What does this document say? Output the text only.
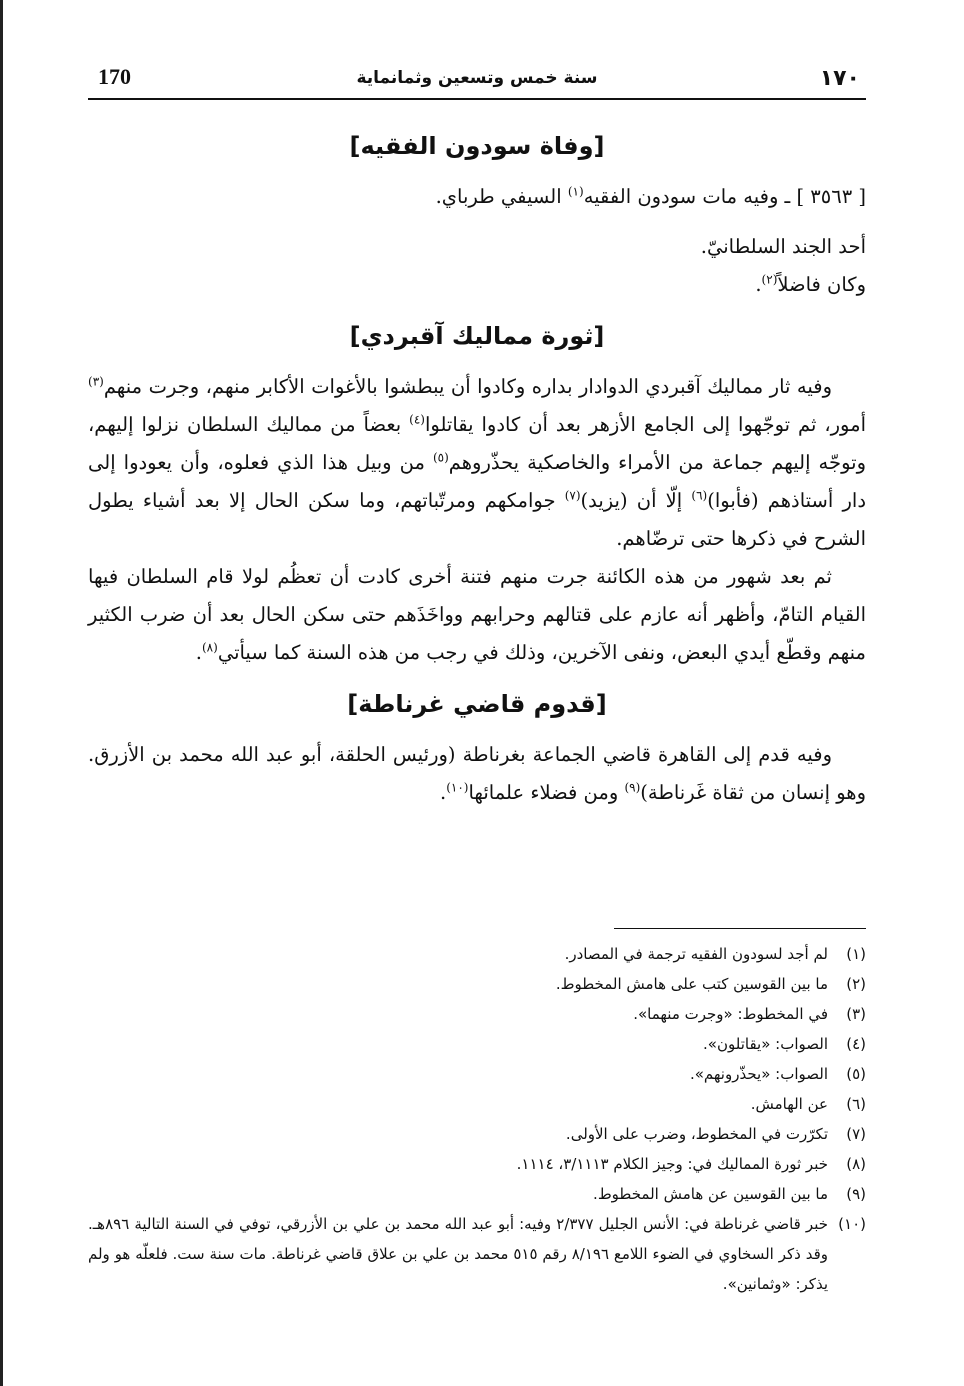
170	سنة خمس وتسعين وثمانماية	١٧٠
[وفاة سودون الفقيه]

[ ٣٥٦٣ ] ـ وفيه مات سودون الفقيه$^{(١)}$ السيفي طرباي.

أحد الجند السلطانيّ.

وكان فاضلاً$^{(٢)}$.

[ثورة مماليك آقبردي]

وفيه ثار مماليك آقبردي الدوادار بداره وكادوا أن يبطشوا بالأغوات الأكابر منهم، وجرت منهم$^{(٣)}$ أمور، ثم توجّهوا إلى الجامع الأزهر بعد أن كادوا يقاتلوا$^{(٤)}$ بعضاً من مماليك السلطان نزلوا إليهم، وتوجّه إليهم جماعة من الأمراء والخاصكية يحذّروهم$^{(٥)}$ من وبيل هذا الذي فعلوه، وأن يعودوا إلى دار أستاذهم (فأبوا)$^{(٦)}$ إلّا أن (يزيد)$^{(٧)}$ جوامكهم ومرتّباتهم، وما سكن الحال إلا بعد أشياء يطول الشرح في ذكرها حتى ترضّاهم.

ثم بعد شهور من هذه الكائنة جرت منهم فتنة أخرى كادت أن تعظُم لولا قام السلطان فيها القيام التامّ، وأظهر أنه عازم على قتالهم وحرابهم وواخَذَهم حتى سكن الحال بعد أن ضرب الكثير منهم وقطّع أيدي البعض، ونفى الآخرين، وذلك في رجب من هذه السنة كما سيأتي$^{(٨)}$.

[قدوم قاضي غرناطة]

وفيه قدم إلى القاهرة قاضي الجماعة بغرناطة (ورئيس الحلقة، أبو عبد الله محمد بن الأزرق. وهو إنسان من ثقاة غَرناطة)$^{(٩)}$ ومن فضلاء علمائها$^{(١٠)}$.

(١)
لم أجد لسودون الفقيه ترجمة في المصادر.
(٢)
ما بين القوسين كتب على هامش المخطوط.
(٣)
في المخطوط: «وجرت منهما».
(٤)
الصواب: «يقاتلون».
(٥)
الصواب: «يحذّرونهم».
(٦)
عن الهامش.
(٧)
تكرّرت في المخطوط، وضرب على الأولى.
(٨)
خبر ثورة المماليك في: وجيز الكلام ٣/١١١٣، ١١١٤.
(٩)
ما بين القوسين عن هامش المخطوط.
(١٠)
خبر قاضي غرناطة في: الأنس الجليل ٢/٣٧٧ وفيه: أبو عبد الله محمد بن علي بن الأزرقي، توفي في السنة التالية ٨٩٦هـ. وقد ذكر السخاوي في الضوء اللامع ٨/١٩٦ رقم ٥١٥ محمد بن علي بن علاق قاضي غرناطة. مات سنة ست. فلعلّه هو ولم يذكر: «وثمانين».
